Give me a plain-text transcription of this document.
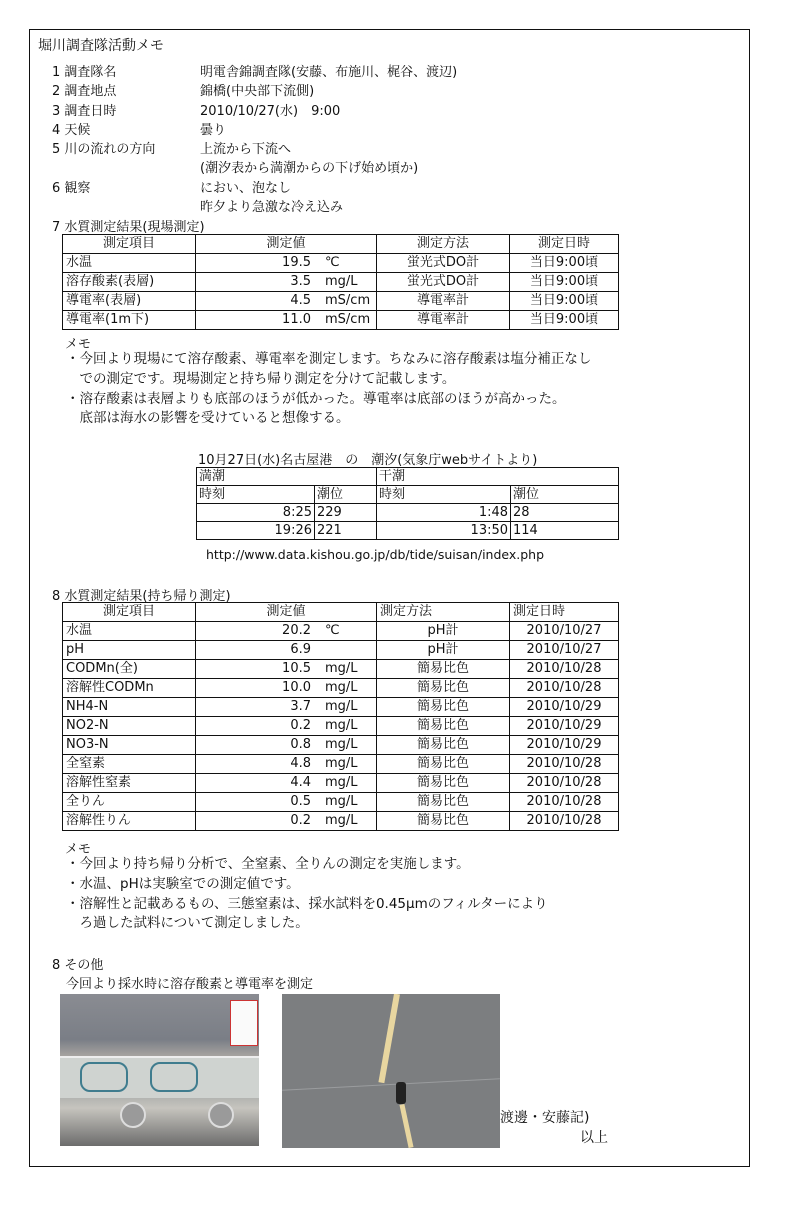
堀川調査隊活動メモ
1 調査隊名	明電舎錦調査隊(安藤、布施川、梶谷、渡辺)
2 調査地点	錦橋(中央部下流側)
3 調査日時	2010/10/27(水)　9:00
4 天候	曇り
5 川の流れの方向	上流から下流へ
(潮汐表から満潮からの下げ始め頃か)
6 観察	におい、泡なし
昨夕より急激な冷え込み
7 水質測定結果(現場測定)
測定項目	測定値	測定方法	測定日時
水温	19.5 ℃	蛍光式DO計	当日9:00頃
溶存酸素(表層)	3.5 mg/L	蛍光式DO計	当日9:00頃
導電率(表層)	4.5 mS/cm	導電率計	当日9:00頃
導電率(1m下)	11.0 mS/cm	導電率計	当日9:00頃
メモ
・今回より現場にて溶存酸素、導電率を測定します。ちなみに溶存酸素は塩分補正なし
　での測定です。現場測定と持ち帰り測定を分けて記載します。
・溶存酸素は表層よりも底部のほうが低かった。導電率は底部のほうが高かった。
　底部は海水の影響を受けていると想像する。
10月27日(水)名古屋港　の　潮汐(気象庁webサイトより)
満潮		干潮	
時刻	潮位	時刻	潮位
8:25	229	1:48	28
19:26	221	13:50	114
http://www.data.kishou.go.jp/db/tide/suisan/index.php
8 水質測定結果(持ち帰り測定)
測定項目	測定値	測定方法	測定日時
水温	20.2 ℃	pH計	2010/10/27
pH	6.9	pH計	2010/10/27
CODMn(全)	10.5 mg/L	簡易比色	2010/10/28
溶解性CODMn	10.0 mg/L	簡易比色	2010/10/28
NH4-N	3.7 mg/L	簡易比色	2010/10/29
NO2-N	0.2 mg/L	簡易比色	2010/10/29
NO3-N	0.8 mg/L	簡易比色	2010/10/29
全窒素	4.8 mg/L	簡易比色	2010/10/28
溶解性窒素	4.4 mg/L	簡易比色	2010/10/28
全りん	0.5 mg/L	簡易比色	2010/10/28
溶解性りん	0.2 mg/L	簡易比色	2010/10/28
メモ
・今回より持ち帰り分析で、全窒素、全りんの測定を実施します。
・水温、pHは実験室での測定値です。
・溶解性と記載あるもの、三態窒素は、採水試料を0.45μmのフィルターにより
　ろ過した試料について測定しました。
8 その他
今回より採水時に溶存酸素と導電率を測定
渡邊・安藤記)
以上
